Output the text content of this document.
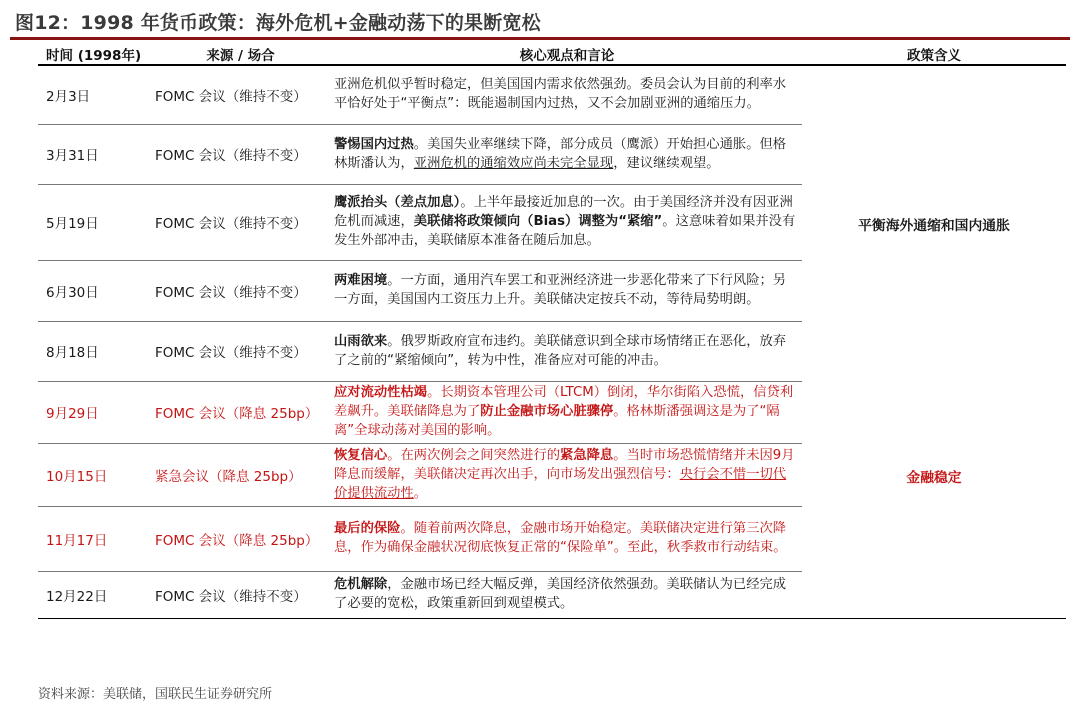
图12：1998 年货币政策：海外危机+金融动荡下的果断宽松
时间 (1998年)	来源 / 场合	核心观点和言论	政策含义
2月3日	FOMC 会议（维持不变）	亚洲危机似乎暂时稳定，但美国国内需求依然强劲。委员会认为目前的利率水平恰好处于“平衡点”：既能遏制国内过热，又不会加剧亚洲的通缩压力。	平衡海外通缩和国内通胀
3月31日	FOMC 会议（维持不变）	警惕国内过热。美国失业率继续下降，部分成员（鹰派）开始担心通胀。但格林斯潘认为，亚洲危机的通缩效应尚未完全显现，建议继续观望。	
5月19日	FOMC 会议（维持不变）	鹰派抬头（差点加息）。上半年最接近加息的一次。由于美国经济并没有因亚洲危机而减速，美联储将政策倾向（Bias）调整为“紧缩”。这意味着如果并没有发生外部冲击，美联储原本准备在随后加息。	
6月30日	FOMC 会议（维持不变）	两难困境。一方面，通用汽车罢工和亚洲经济进一步恶化带来了下行风险；另一方面，美国国内工资压力上升。美联储决定按兵不动，等待局势明朗。	
8月18日	FOMC 会议（维持不变）	山雨欲来。俄罗斯政府宣布违约。美联储意识到全球市场情绪正在恶化，放弃了之前的“紧缩倾向”，转为中性，准备应对可能的冲击。	
9月29日	FOMC 会议（降息 25bp）	应对流动性枯竭。长期资本管理公司（LTCM）倒闭，华尔街陷入恐慌，信贷利差飙升。美联储降息为了防止金融市场心脏骤停。格林斯潘强调这是为了“隔离”全球动荡对美国的影响。	金融稳定
10月15日	紧急会议（降息 25bp）	恢复信心。在两次例会之间突然进行的紧急降息。当时市场恐慌情绪并未因9月降息而缓解，美联储决定再次出手，向市场发出强烈信号：央行会不惜一切代价提供流动性。	
11月17日	FOMC 会议（降息 25bp）	最后的保险。随着前两次降息，金融市场开始稳定。美联储决定进行第三次降息，作为确保金融状况彻底恢复正常的“保险单”。至此，秋季救市行动结束。	
12月22日	FOMC 会议（维持不变）	危机解除，金融市场已经大幅反弹，美国经济依然强劲。美联储认为已经完成了必要的宽松，政策重新回到观望模式。	
资料来源：美联储，国联民生证券研究所
